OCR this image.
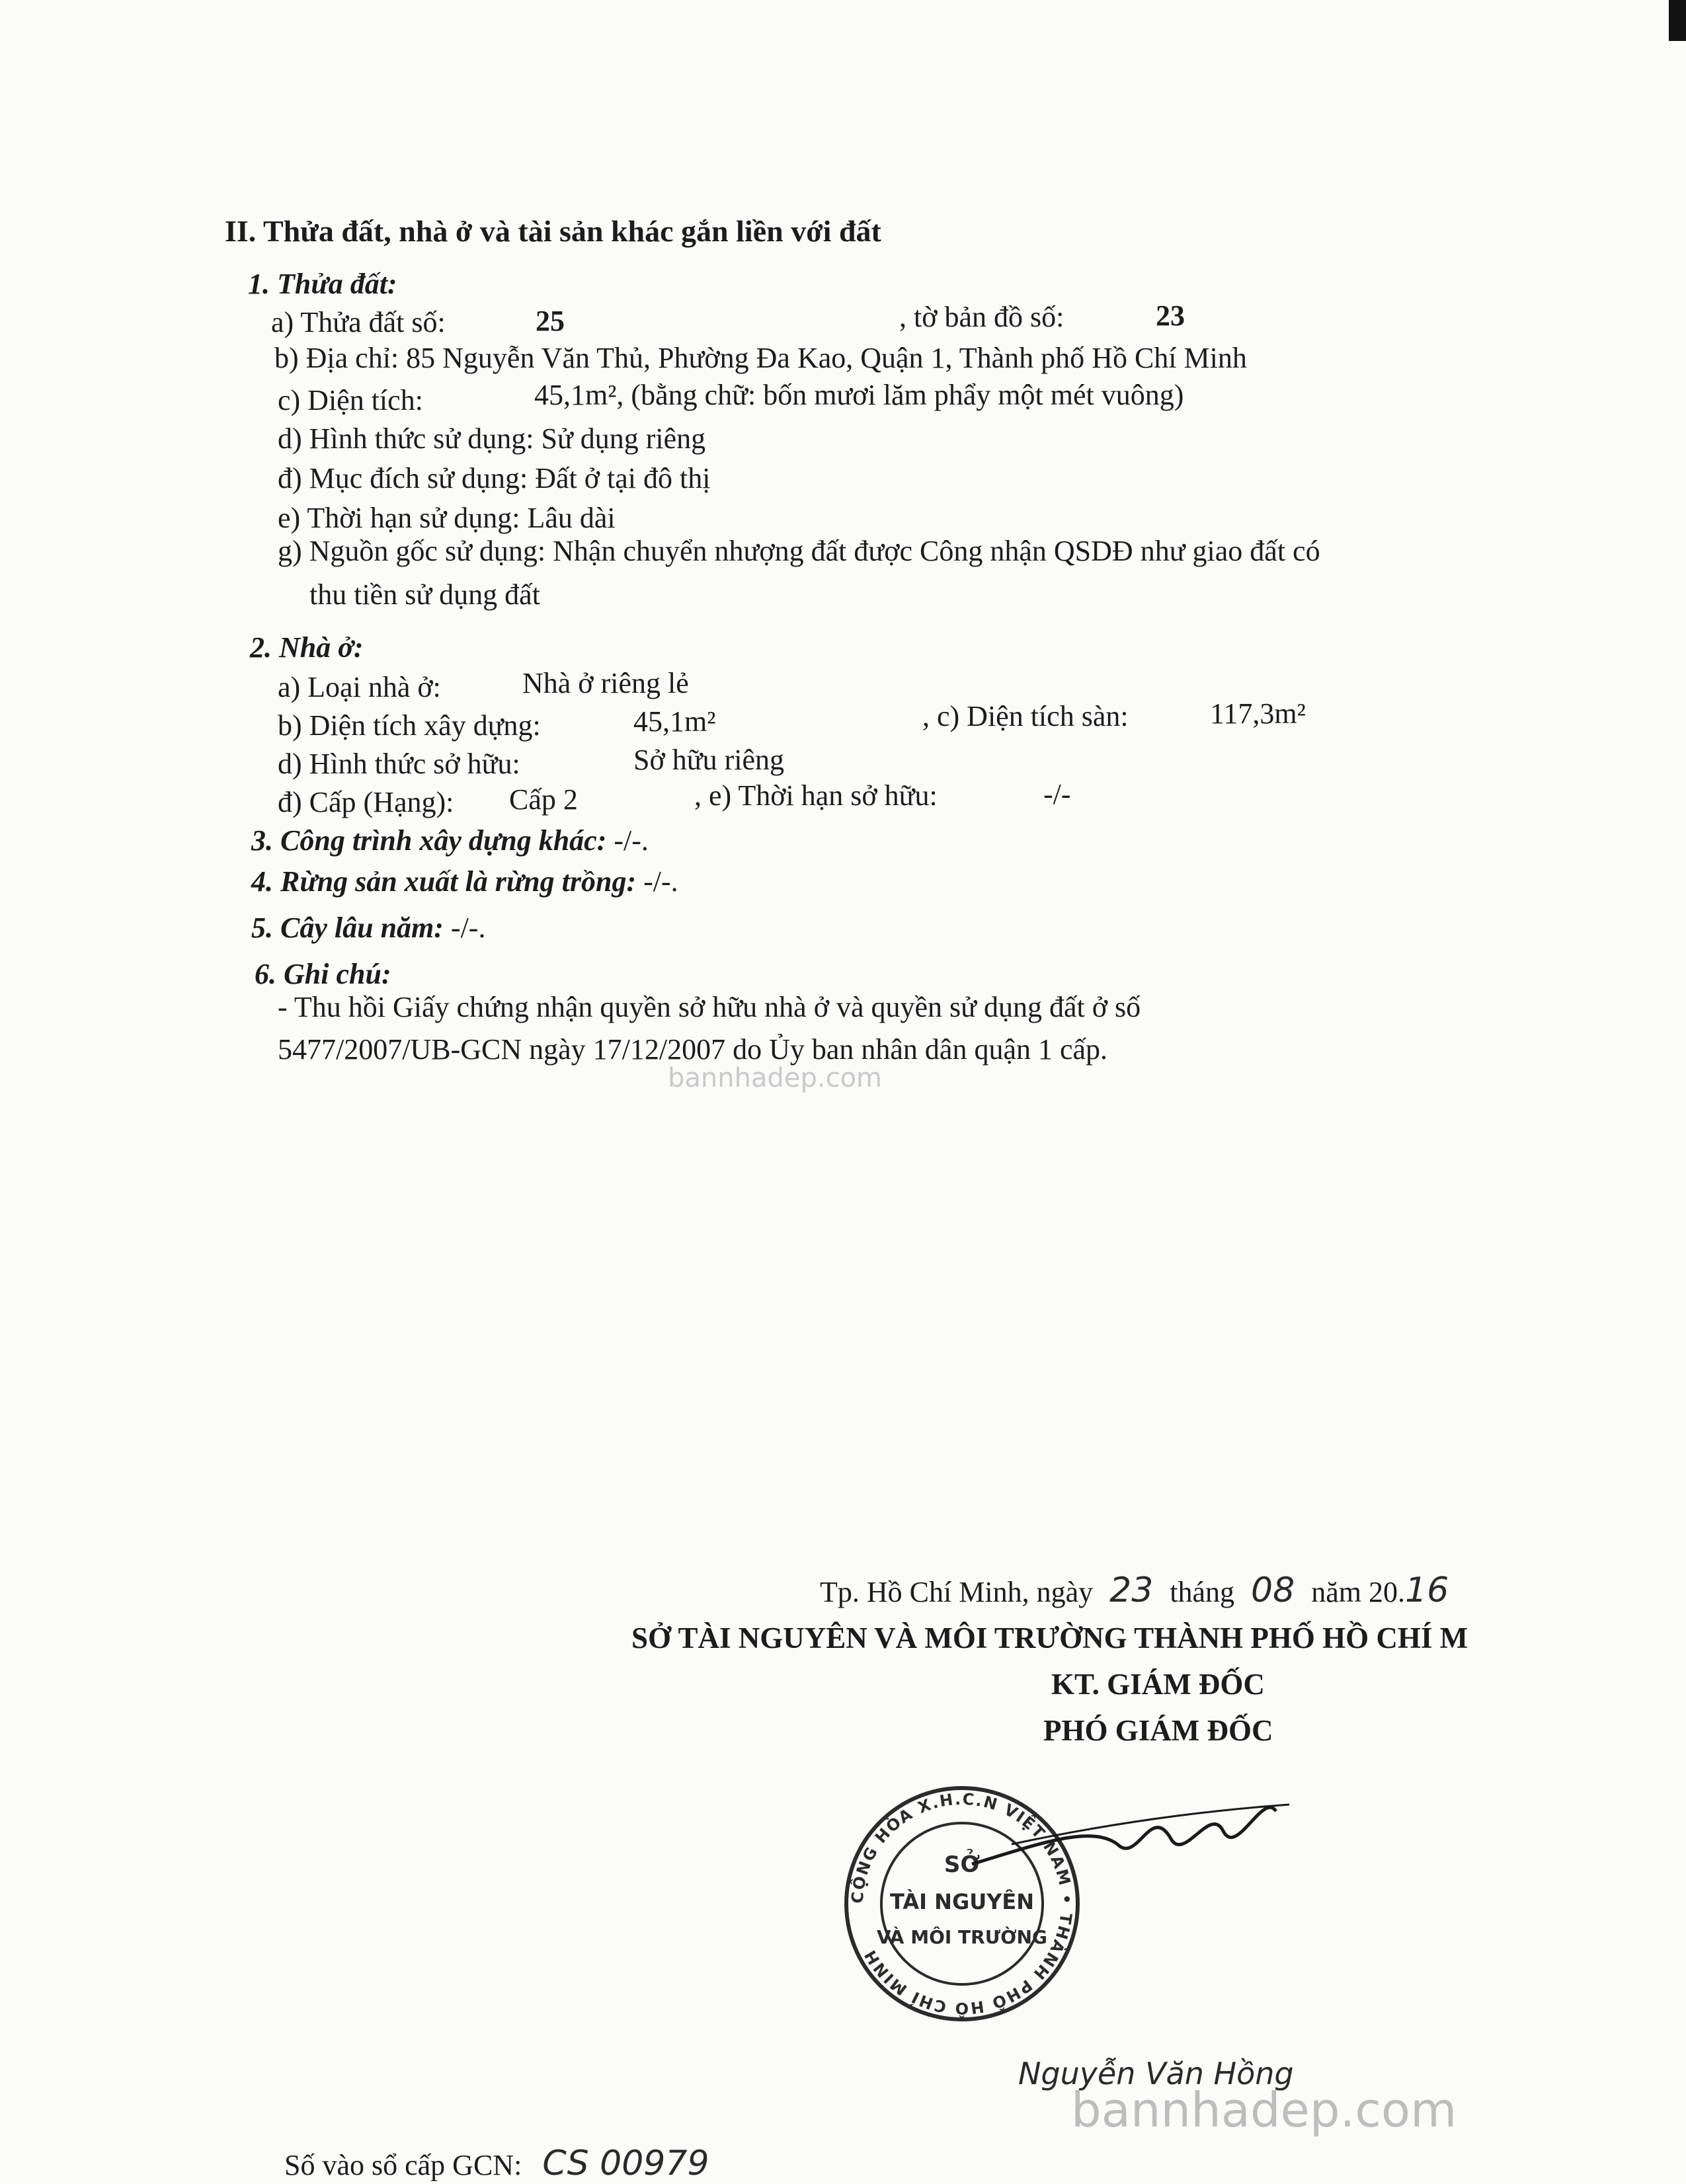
II. Thửa đất, nhà ở và tài sản khác gắn liền với đất
1. Thửa đất:
a) Thửa đất số:	25	, tờ bản đồ số:	23
b) Địa chỉ: 85 Nguyễn Văn Thủ, Phường Đa Kao, Quận 1, Thành phố Hồ Chí Minh
c) Diện tích:	45,1m², (bằng chữ: bốn mươi lăm phẩy một mét vuông)
d) Hình thức sử dụng: Sử dụng riêng
đ) Mục đích sử dụng: Đất ở tại đô thị
e) Thời hạn sử dụng: Lâu dài
g) Nguồn gốc sử dụng: Nhận chuyển nhượng đất được Công nhận QSDĐ như giao đất có
thu tiền sử dụng đất
2. Nhà ở:
a) Loại nhà ở:	Nhà ở riêng lẻ
b) Diện tích xây dựng:	45,1m²	, c) Diện tích sàn:	117,3m²
d) Hình thức sở hữu:	Sở hữu riêng
đ) Cấp (Hạng): Cấp 2	, e) Thời hạn sở hữu:	-/-
3. Công trình xây dựng khác: -/-.
4. Rừng sản xuất là rừng trồng: -/-.
5. Cây lâu năm: -/-.
6. Ghi chú:
- Thu hồi Giấy chứng nhận quyền sở hữu nhà ở và quyền sử dụng đất ở số
5477/2007/UB-GCN ngày 17/12/2007 do Ủy ban nhân dân quận 1 cấp.
bannhadep.com
Tp. Hồ Chí Minh, ngày 23 tháng 08 năm 20.16
SỞ TÀI NGUYÊN VÀ MÔI TRƯỜNG THÀNH PHỐ HỒ CHÍ M
KT. GIÁM ĐỐC
PHÓ GIÁM ĐỐC
CỘNG HÒA X.H.C.N VIỆT NAM • THÀNH PHỐ HỒ CHÍ MINH
SỞ
TÀI NGUYÊN
VÀ MÔI TRƯỜNG
Nguyễn Văn Hồng
bannhadep.com
Số vào sổ cấp GCN: CS 00979
